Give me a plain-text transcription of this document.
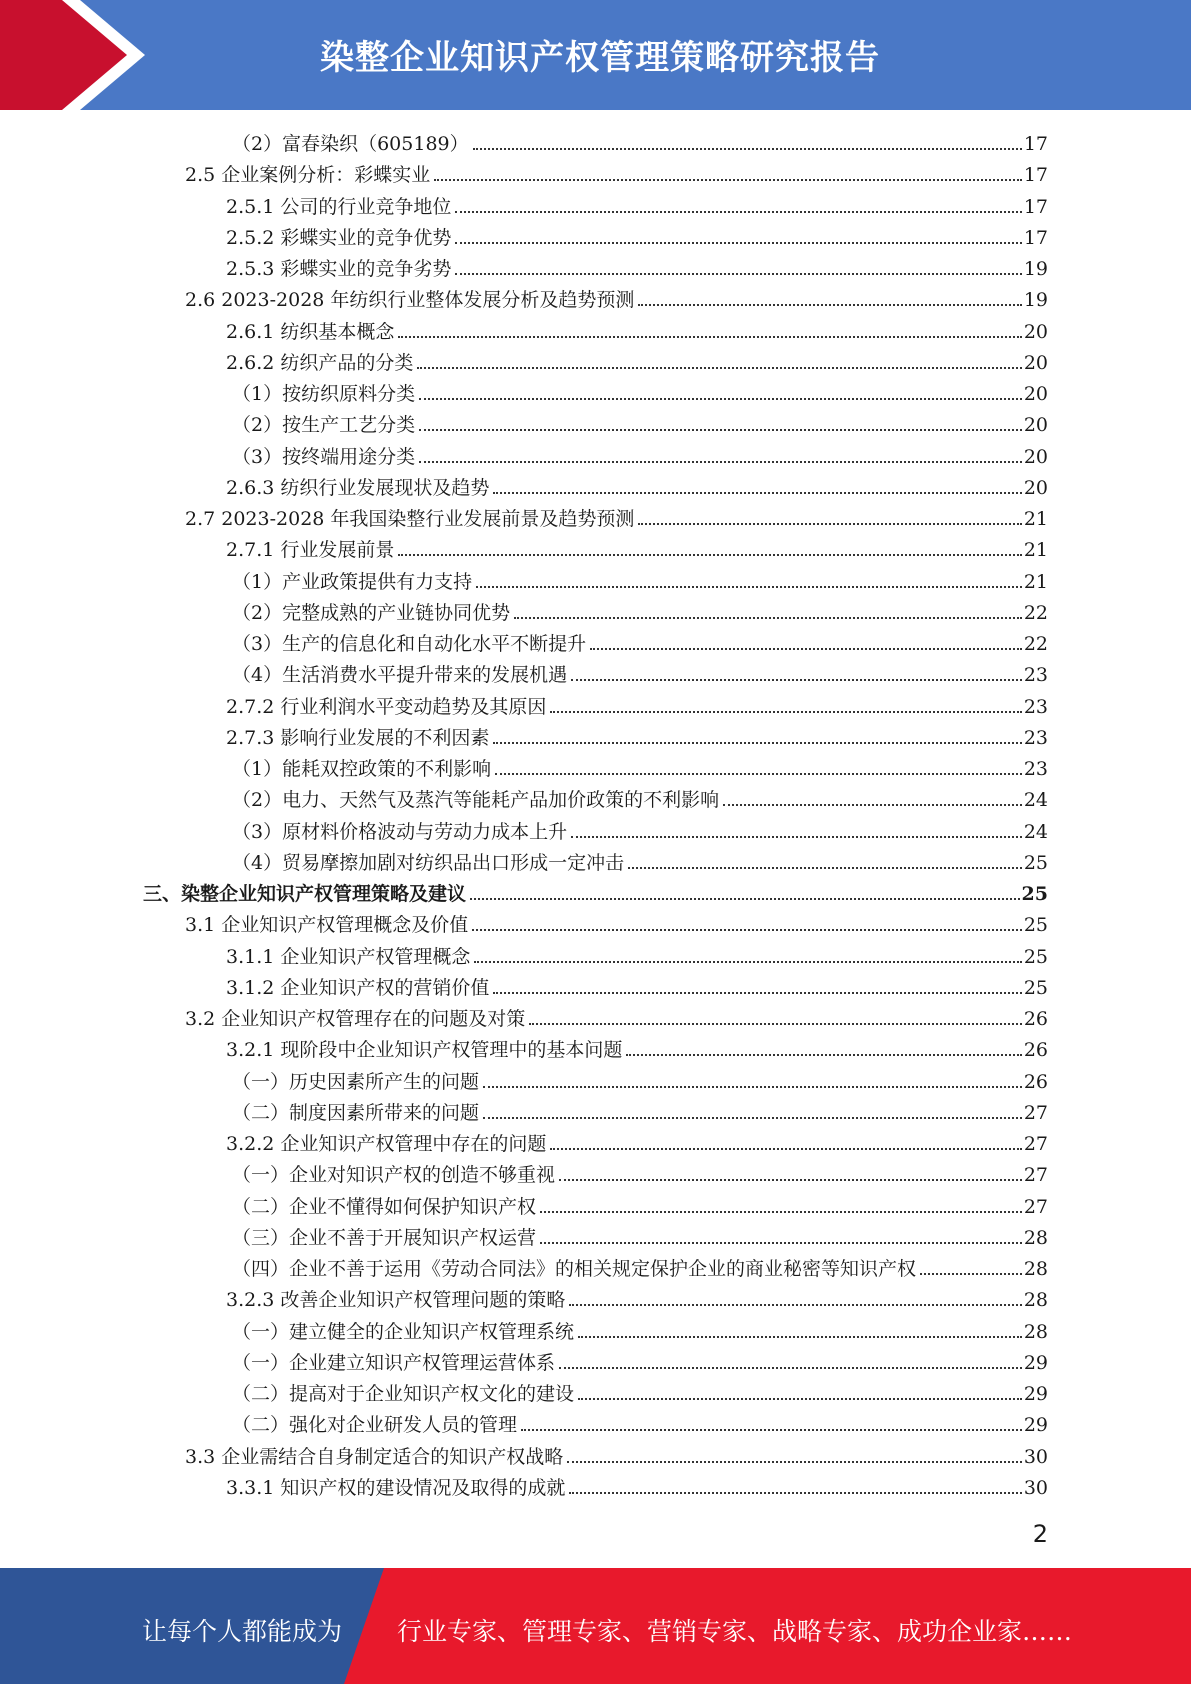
染整企业知识产权管理策略研究报告
（2）富春染织（605189）	17
2.5 企业案例分析：彩蝶实业	17
2.5.1 公司的行业竞争地位	17
2.5.2 彩蝶实业的竞争优势	17
2.5.3 彩蝶实业的竞争劣势	19
2.6 2023-2028 年纺织行业整体发展分析及趋势预测	19
2.6.1 纺织基本概念	20
2.6.2 纺织产品的分类	20
（1）按纺织原料分类	20
（2）按生产工艺分类	20
（3）按终端用途分类	20
2.6.3 纺织行业发展现状及趋势	20
2.7 2023-2028 年我国染整行业发展前景及趋势预测	21
2.7.1 行业发展前景	21
（1）产业政策提供有力支持	21
（2）完整成熟的产业链协同优势	22
（3）生产的信息化和自动化水平不断提升	22
（4）生活消费水平提升带来的发展机遇	23
2.7.2 行业利润水平变动趋势及其原因	23
2.7.3 影响行业发展的不利因素	23
（1）能耗双控政策的不利影响	23
（2）电力、天然气及蒸汽等能耗产品加价政策的不利影响	24
（3）原材料价格波动与劳动力成本上升	24
（4）贸易摩擦加剧对纺织品出口形成一定冲击	25
三、染整企业知识产权管理策略及建议	25
3.1 企业知识产权管理概念及价值	25
3.1.1 企业知识产权管理概念	25
3.1.2 企业知识产权的营销价值	25
3.2 企业知识产权管理存在的问题及对策	26
3.2.1 现阶段中企业知识产权管理中的基本问题	26
（一）历史因素所产生的问题	26
（二）制度因素所带来的问题	27
3.2.2 企业知识产权管理中存在的问题	27
（一）企业对知识产权的创造不够重视	27
（二）企业不懂得如何保护知识产权	27
（三）企业不善于开展知识产权运营	28
（四）企业不善于运用《劳动合同法》的相关规定保护企业的商业秘密等知识产权	28
3.2.3 改善企业知识产权管理问题的策略	28
（一）建立健全的企业知识产权管理系统	28
（一）企业建立知识产权管理运营体系	29
（二）提高对于企业知识产权文化的建设	29
（二）强化对企业研发人员的管理	29
3.3 企业需结合自身制定适合的知识产权战略	30
3.3.1 知识产权的建设情况及取得的成就	30
2
让每个人都能成为 行业专家、管理专家、营销专家、战略专家、成功企业家……
